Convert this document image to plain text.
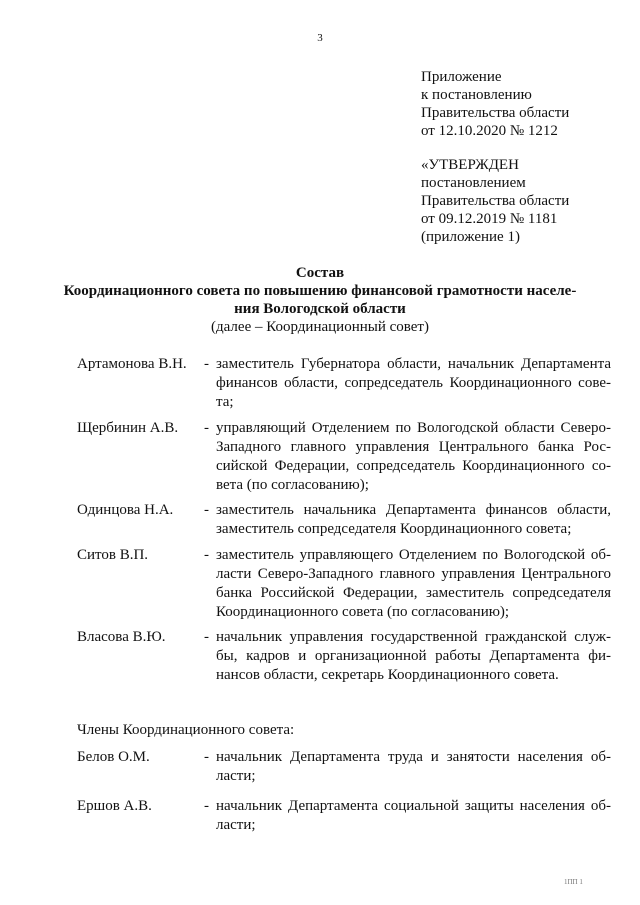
3
Приложение
к постановлению
Правительства области
от 12.10.2020 № 1212
«УТВЕРЖДЕН
постановлением
Правительства области
от 09.12.2019 № 1181
(приложение 1)
Состав
Координационного совета по повышению финансовой грамотности населе-
ния Вологодской области
(далее – Координационный совет)
Артамонова В.Н. - заместитель Губернатора области, начальник Департамента
финансов области, сопредседатель Координационного сове-
та;
Щербинин А.В. - управляющий Отделением по Вологодской области Северо-
Западного главного управления Центрального банка Рос-
сийской Федерации, сопредседатель Координационного со-
вета (по согласованию);
Одинцова Н.А. - заместитель начальника Департамента финансов области,
заместитель сопредседателя Координационного совета;
Ситов В.П.	- заместитель управляющего Отделением по Вологодской об-
ласти Северо-Западного главного управления Центрального
банка Российской Федерации, заместитель сопредседателя
Координационного совета (по согласованию);
Власова В.Ю.	- начальник управления государственной гражданской служ-
бы, кадров и организационной работы Департамента фи-
нансов области, секретарь Координационного совета.
Члены Координационного совета:
Белов О.М.	- начальник Департамента труда и занятости населения об-
ласти;
Ершов А.В.	- начальник Департамента социальной защиты населения об-
ласти;
1ПП 1
